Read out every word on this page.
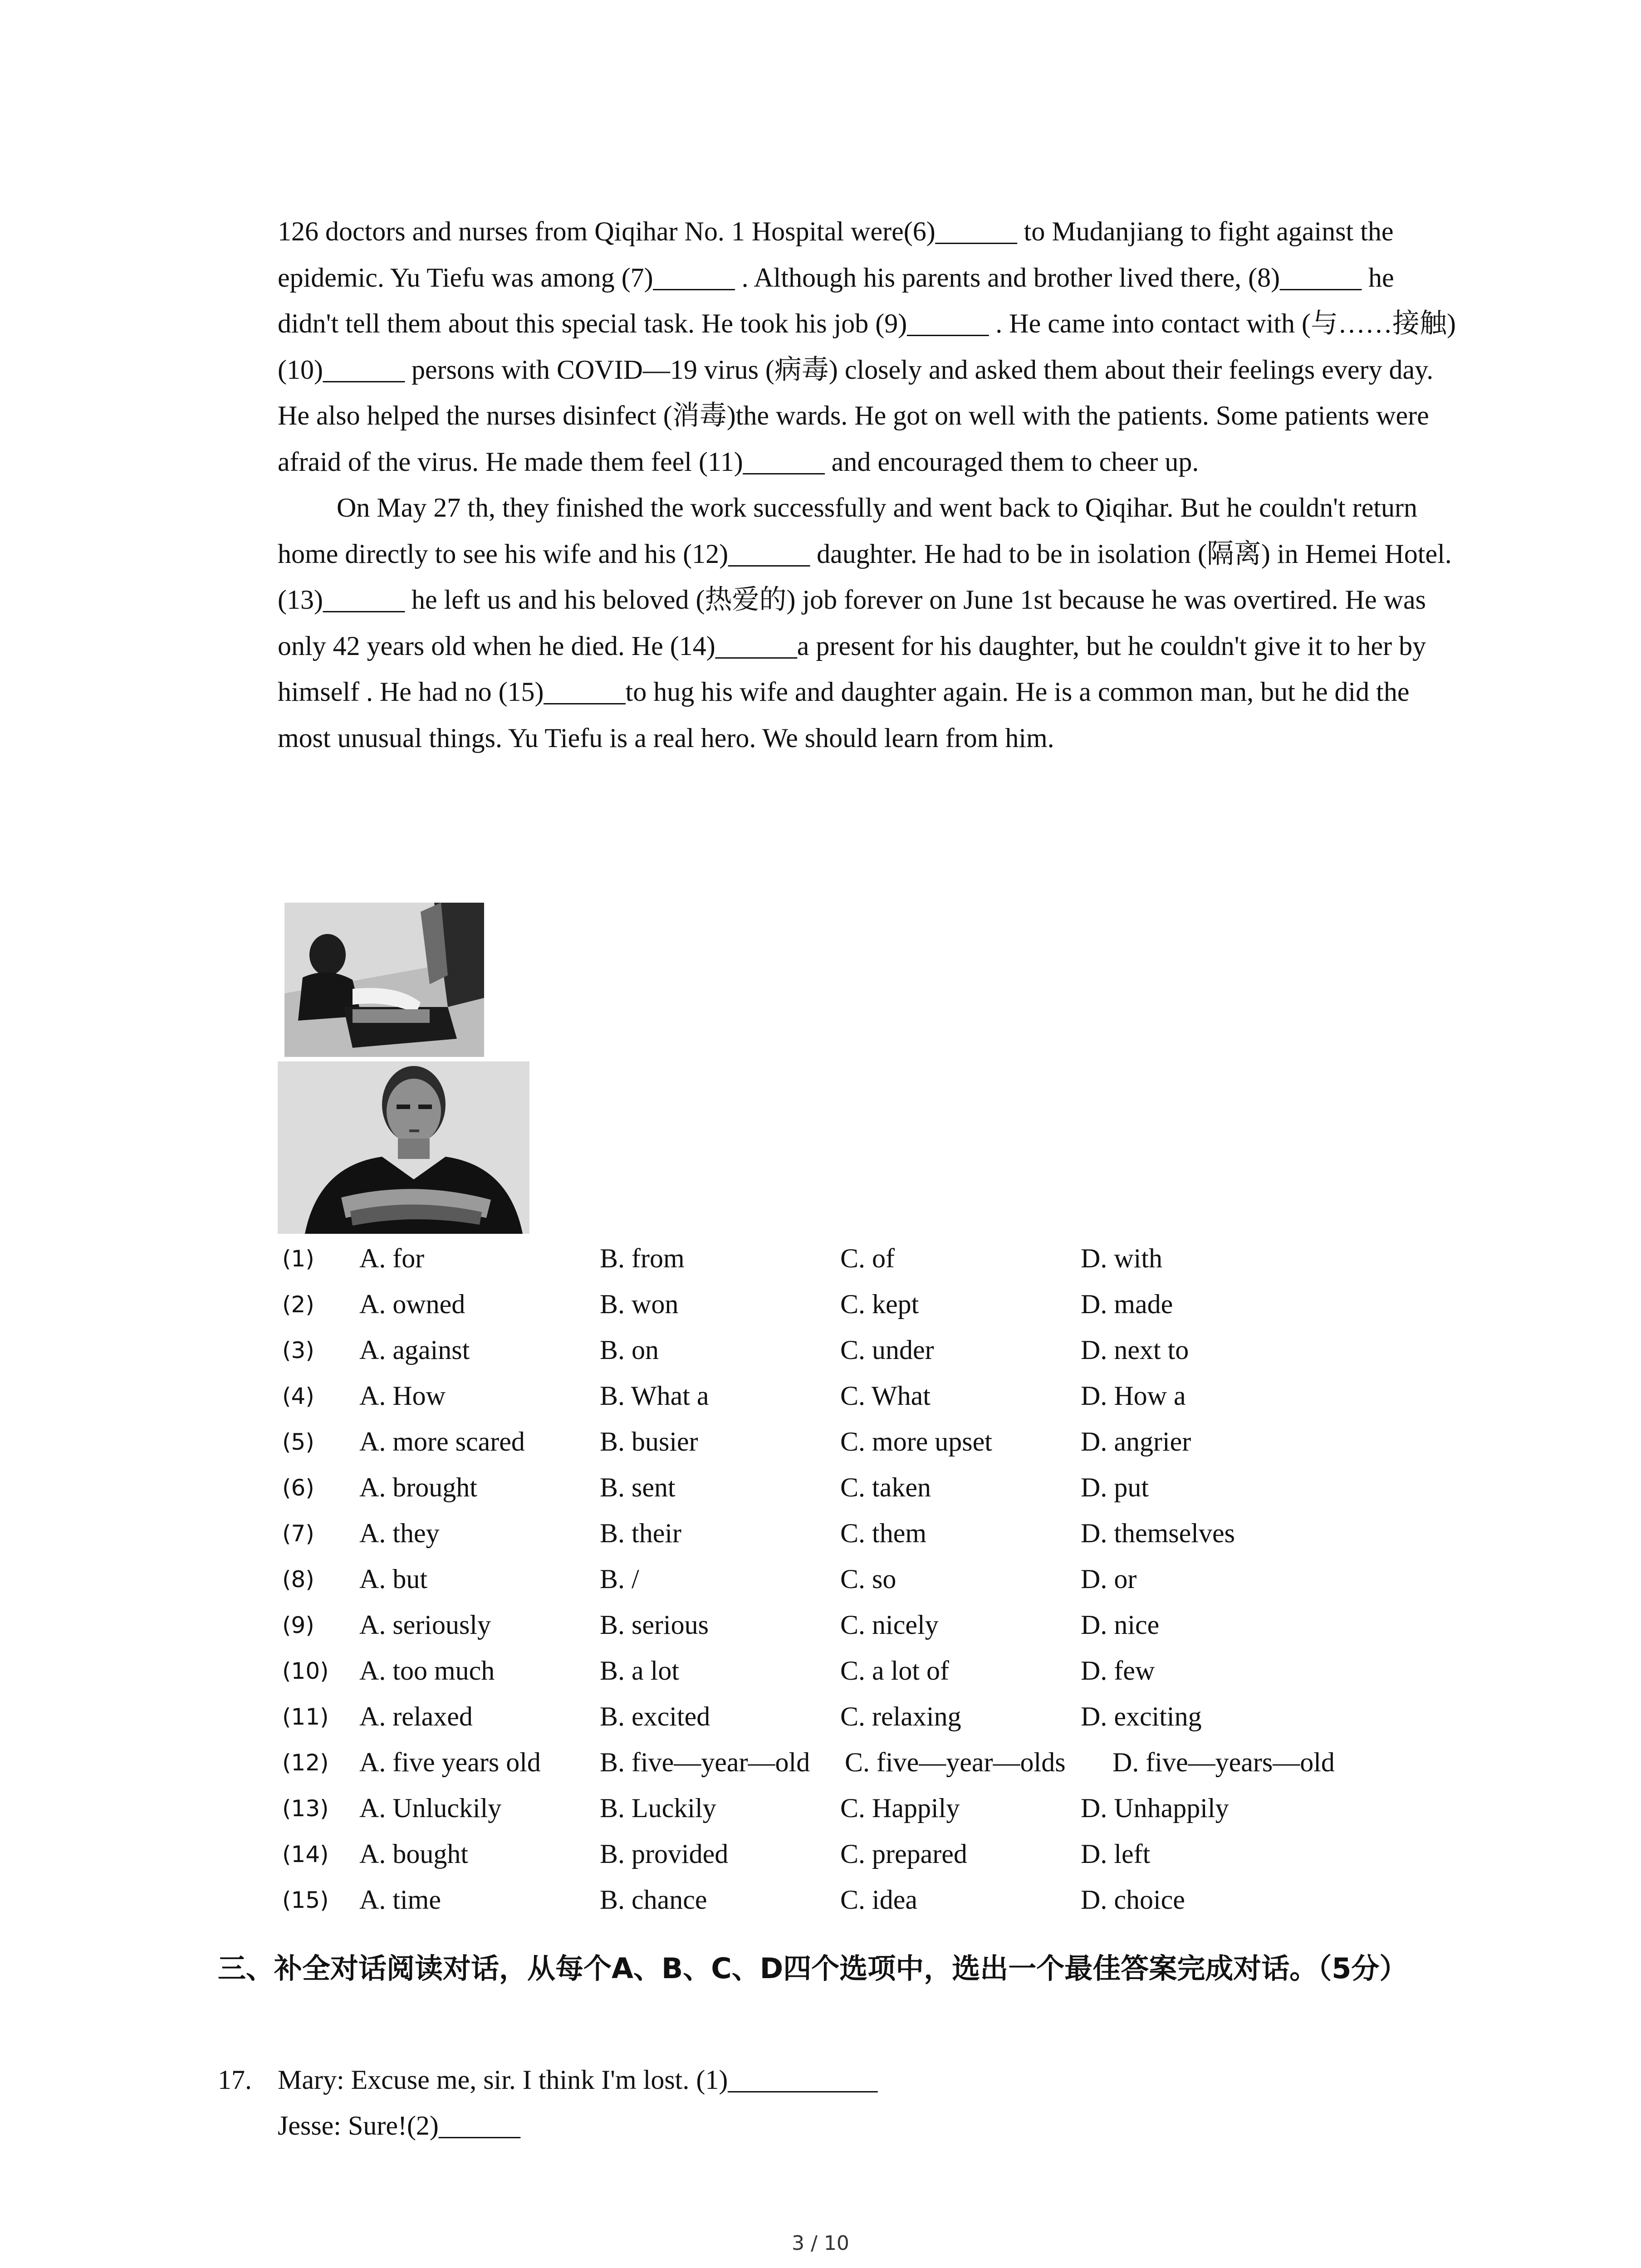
126 doctors and nurses from Qiqihar No. 1 Hospital were(6)______ to Mudanjiang to fight against the epidemic. Yu Tiefu was among (7)______ . Although his parents and brother lived there, (8)______ he didn't tell them about this special task. He took his job (9)______ . He came into contact with (与……接触)(10)______ persons with COVID—19 virus (病毒) closely and asked them about their feelings every day. He also helped the nurses disinfect (消毒)the wards. He got on well with the patients. Some patients were afraid of the virus. He made them feel (11)______ and encouraged them to cheer up.

On May 27 th, they finished the work successfully and went back to Qiqihar. But he couldn't return home directly to see his wife and his (12)______ daughter. He had to be in isolation (隔离) in Hemei Hotel. (13)______ he left us and his beloved (热爱的) job forever on June 1st because he was overtired. He was only 42 years old when he died. He (14)______a present for his daughter, but he couldn't give it to her by himself . He had no (15)______to hug his wife and daughter again. He is a common man, but he did the most unusual things. Yu Tiefu is a real hero. We should learn from him.

(1) A. for	B. from	C. of	D. with
(2) A. owned	B. won	C. kept	D. made
(3) A. against	B. on	C. under	D. next to
(4) A. How	B. What a	C. What	D. How a
(5) A. more scared	B. busier	C. more upset	D. angrier
(6) A. brought	B. sent	C. taken	D. put
(7) A. they	B. their	C. them	D. themselves
(8) A. but	B. /	C. so	D. or
(9) A. seriously	B. serious	C. nicely	D. nice
(10) A. too much	B. a lot	C. a lot of	D. few
(11) A. relaxed	B. excited	C. relaxing	D. exciting
(12) A. five years old B. five—year—old C. five—year—olds D. five—years—old
(13) A. Unluckily	B. Luckily	C. Happily	D. Unhappily
(14) A. bought	B. provided	C. prepared	D. left
(15) A. time	B. chance	C. idea	D. choice

三、补全对话阅读对话，从每个A、B、C、D四个选项中，选出一个最佳答案完成对话。（5分）

17. Mary: Excuse me, sir. I think I'm lost. (1)___________
Jesse: Sure!(2)______
3 / 10
